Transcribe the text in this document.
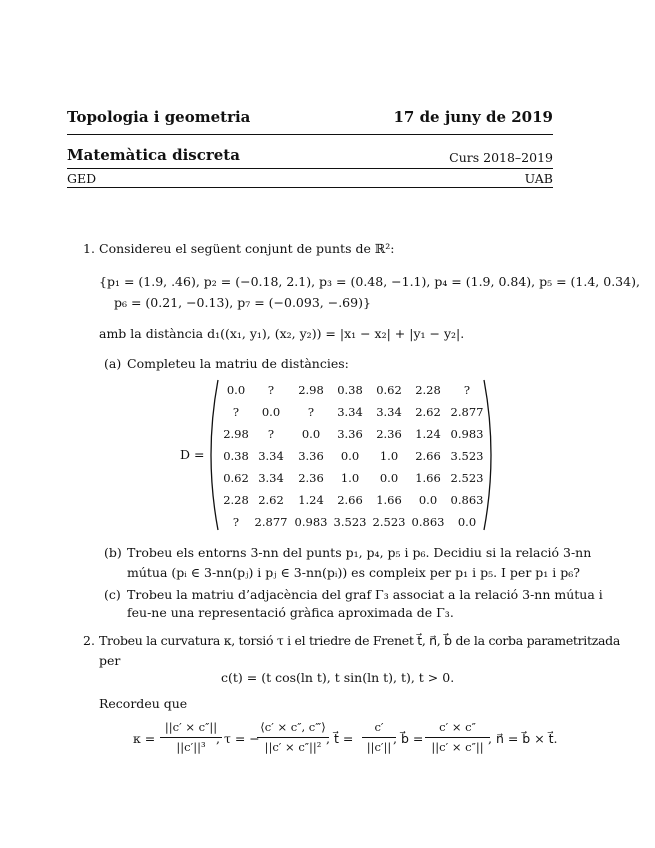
Topologia i geometria	17 de juny de 2019
Matemàtica discreta	Curs 2018–2019
GED	UAB
1. Considereu el següent conjunt de punts de ℝ²:
{p₁ = (1.9, .46), p₂ = (−0.18, 2.1), p₃ = (0.48, −1.1), p₄ = (1.9, 0.84), p₅ = (1.4, 0.34),
p₆ = (0.21, −0.13), p₇ = (−0.093, −.69)}
amb la distància d₁((x₁, y₁), (x₂, y₂)) = |x₁ − x₂| + |y₁ − y₂|.
(a) Completeu la matriu de distàncies:
D =
0.0	?	2.98	0.38	0.62	2.28	?
?	0.0	?	3.34	3.34	2.62 2.877
2.98	?	0.0	3.36	2.36	1.24 0.983
0.38 3.34	3.36	0.0	1.0	2.66 3.523
0.62 3.34	2.36	1.0	0.0	1.66 2.523
2.28 2.62	1.24	2.66	1.66	0.0	0.863
?	2.877 0.983 3.523 2.523 0.863	0.0
(b) Trobeu els entorns 3-nn del punts p₁, p₄, p₅ i p₆. Decidiu si la relació 3-nn
mútua (pᵢ ∈ 3-nn(pⱼ) i pⱼ ∈ 3-nn(pᵢ)) es compleix per p₁ i p₅. I per p₁ i p₆?
(c) Trobeu la matriu d’adjacència del graf Γ₃ associat a la relació 3-nn mútua i
feu-ne una representació gràfica aproximada de Γ₃.
2. Trobeu la curvatura κ, torsió τ i el triedre de Frenet t⃗, n⃗, b⃗ de la corba parametritzada
per
c(t) = (t cos(ln t), t sin(ln t), t), t > 0.
Recordeu que
κ =
||c′ × c″||
||c′||³
, τ = −
⟨c′ × c″, c‴⟩
||c′ × c″||²
, t⃗ =
c′
||c′||
, b⃗ =
c′ × c″
||c′ × c″||
, n⃗ = b⃗ × t⃗.
